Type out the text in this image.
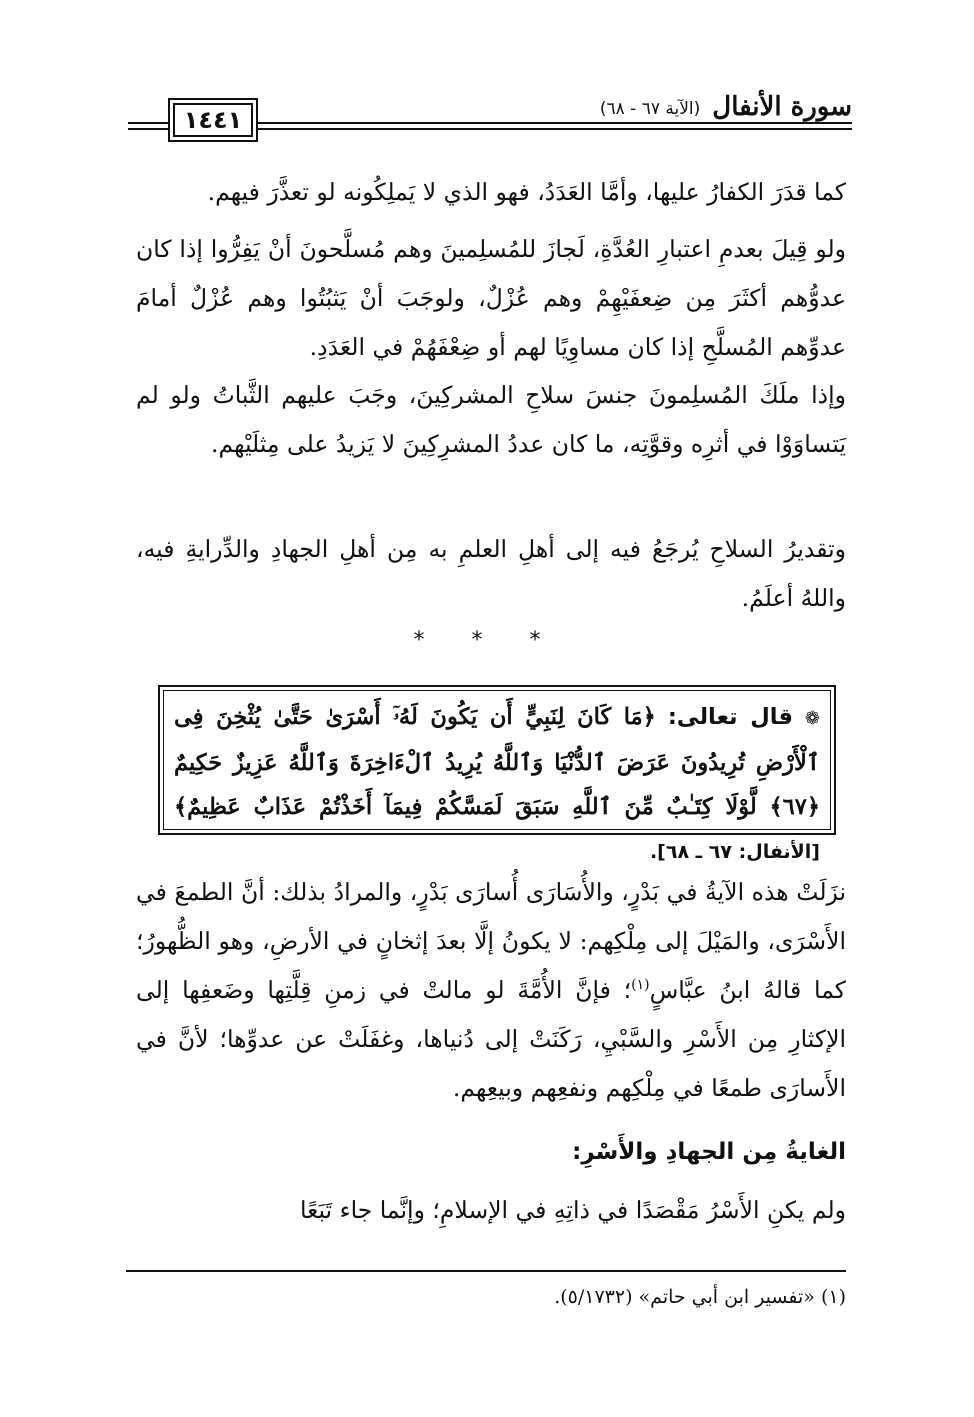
١٤٤١	سورة الأنفال
(الآية ٦٧ - ٦٨)

كما قدَرَ الكفارُ عليها، وأمَّا العَدَدُ، فهو الذي لا يَملِكُونه لو تعذَّرَ فيهم.

ولو قِيلَ بعدمِ اعتبارِ العُدَّةِ، لَجازَ للمُسلِمينَ وهم مُسلَّحونَ أنْ يَفِرُّوا إذا كان عدوُّهم أكثَرَ مِن ضِعفَيْهِمْ وهم عُزْلٌ، ولوجَبَ أنْ يَثبُتُوا وهم عُزْلٌ أمامَ عدوِّهم المُسلَّحِ إذا كان مساوِيًا لهم أو ضِعْفَهُمْ في العَدَدِ.

وإذا ملَكَ المُسلِمونَ جنسَ سلاحِ المشركِينَ، وجَبَ عليهم الثَّباتُ ولو لم يَتساوَوْا في أثرِه وقوَّتِه، ما كان عددُ المشرِكِينَ لا يَزيدُ على مِثلَيْهم.

وتقديرُ السلاحِ يُرجَعُ فيه إلى أهلِ العلمِ به مِن أهلِ الجهادِ والدِّرايةِ فيه، واللهُ أعلَمُ.

* * *
❁ قال تعالى: ﴿مَا كَانَ لِنَبِيٍّ أَن يَكُونَ لَهُۥٓ أَسْرَىٰ حَتَّىٰ يُثْخِنَ فِى ٱلْأَرْضِ تُرِيدُونَ عَرَضَ ٱلدُّنْيَا وَٱللَّهُ يُرِيدُ ٱلْءَاخِرَةَ وَٱللَّهُ عَزِيزٌ حَكِيمٌ ﴿٦٧﴾ لَّوْلَا كِتَـٰبٌ مِّنَ ٱللَّهِ سَبَقَ لَمَسَّكُمْ فِيمَآ أَخَذْتُمْ عَذَابٌ عَظِيمٌ﴾ [الأنفال: ٦٧ ـ ٦٨].

نزَلَتْ هذه الآيةُ في بَدْرٍ، والأُسَارَى أُسارَى بَدْرٍ، والمرادُ بذلك: أنَّ الطمعَ في الأَسْرَى، والمَيْلَ إلى مِلْكِهم: لا يكونُ إلَّا بعدَ إثخانٍ في الأرضِ، وهو الظُّهورُ؛ كما قالهُ ابنُ عبَّاسٍ$^{(١)}$؛ فإنَّ الأُمَّةَ لو مالتْ في زمنِ قِلَّتِها وضَعفِها إلى الإكثارِ مِن الأَسْرِ والسَّبْيِ، رَكَنَتْ إلى دُنياها، وغفَلَتْ عن عدوِّها؛ لأنَّ في الأَسارَى طمعًا في مِلْكِهم ونفعِهم وبيعِهم.

الغايةُ مِن الجهادِ والأَسْرِ:

ولم يكنِ الأَسْرُ مَقْصَدًا في ذاتِهِ في الإسلامِ؛ وإنَّما جاء تَبَعًا

(١) «تفسير ابن أبي حاتم» (٥/١٧٣٢).
